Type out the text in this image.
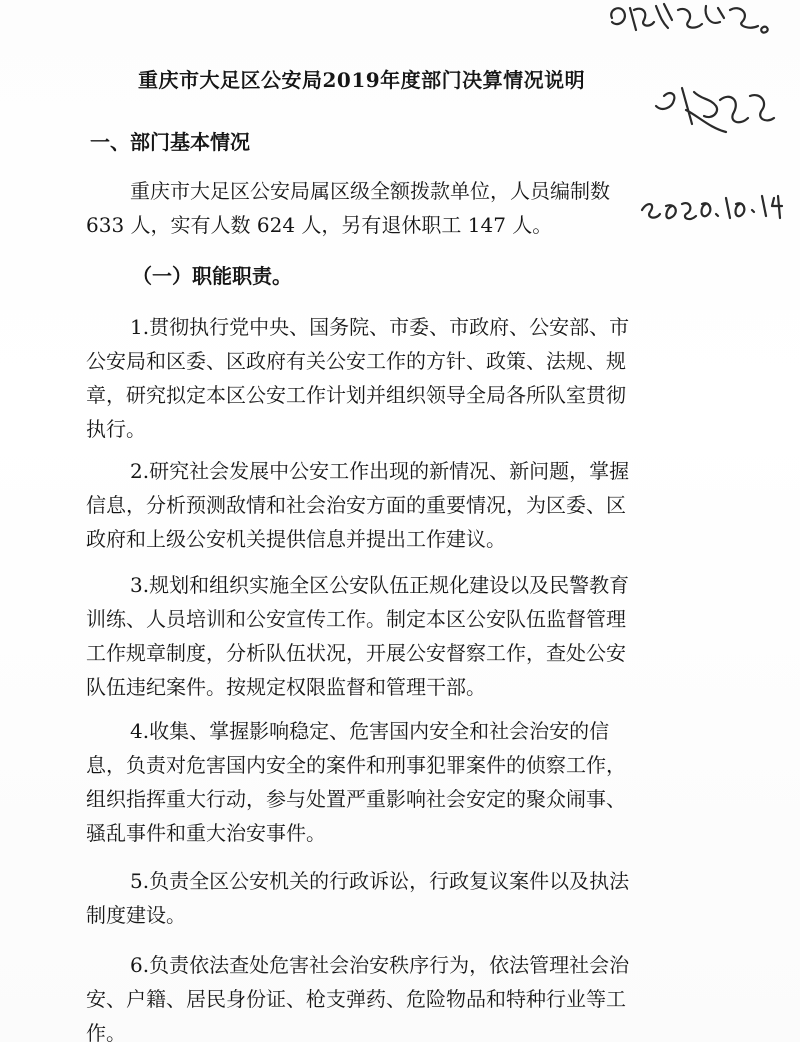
重庆市大足区公安局2019年度部门决算情况说明
一、部门基本情况

重庆市大足区公安局属区级全额拨款单位，人员编制数
633 人，实有人数 624 人，另有退休职工 147 人。

（一）职能职责。

1.贯彻执行党中央、国务院、市委、市政府、公安部、市
公安局和区委、区政府有关公安工作的方针、政策、法规、规
章，研究拟定本区公安工作计划并组织领导全局各所队室贯彻
执行。

2.研究社会发展中公安工作出现的新情况、新问题，掌握
信息，分析预测敌情和社会治安方面的重要情况，为区委、区
政府和上级公安机关提供信息并提出工作建议。

3.规划和组织实施全区公安队伍正规化建设以及民警教育
训练、人员培训和公安宣传工作。制定本区公安队伍监督管理
工作规章制度，分析队伍状况，开展公安督察工作，查处公安
队伍违纪案件。按规定权限监督和管理干部。

4.收集、掌握影响稳定、危害国内安全和社会治安的信
息，负责对危害国内安全的案件和刑事犯罪案件的侦察工作，
组织指挥重大行动，参与处置严重影响社会安定的聚众闹事、
骚乱事件和重大治安事件。

5.负责全区公安机关的行政诉讼，行政复议案件以及执法
制度建设。

6.负责依法查处危害社会治安秩序行为，依法管理社会治
安、户籍、居民身份证、枪支弹药、危险物品和特种行业等工
作。
